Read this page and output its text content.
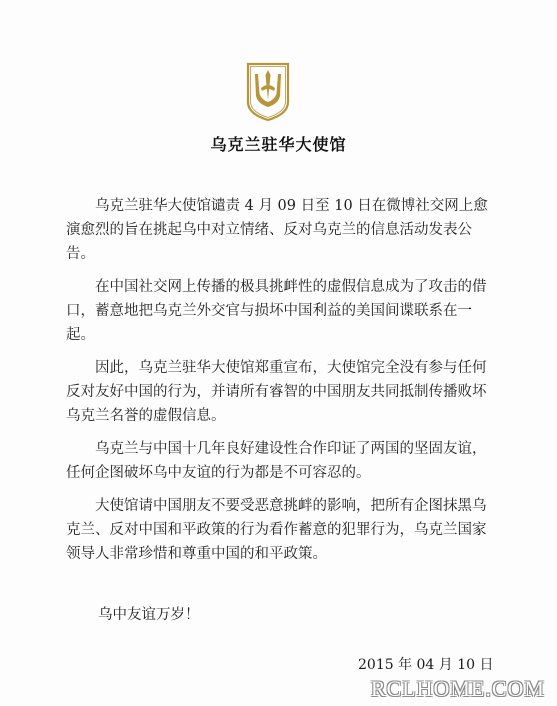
乌克兰驻华大使馆

乌克兰驻华大使馆谴责 4 月 09 日至 10 日在微博社交网上愈演愈烈的旨在挑起乌中对立情绪、反对乌克兰的信息活动发表公告。

在中国社交网上传播的极具挑衅性的虚假信息成为了攻击的借口，蓄意地把乌克兰外交官与损坏中国利益的美国间谍联系在一起。

因此，乌克兰驻华大使馆郑重宣布，大使馆完全没有参与任何反对友好中国的行为，并请所有睿智的中国朋友共同抵制传播败坏乌克兰名誉的虚假信息。

乌克兰与中国十几年良好建设性合作印证了两国的坚固友谊，任何企图破坏乌中友谊的行为都是不可容忍的。

大使馆请中国朋友不要受恶意挑衅的影响，把所有企图抹黑乌克兰、反对中国和平政策的行为看作蓄意的犯罪行为，乌克兰国家领导人非常珍惜和尊重中国的和平政策。

乌中友谊万岁！
2015 年 04 月 10 日
RCLHOME.COM
